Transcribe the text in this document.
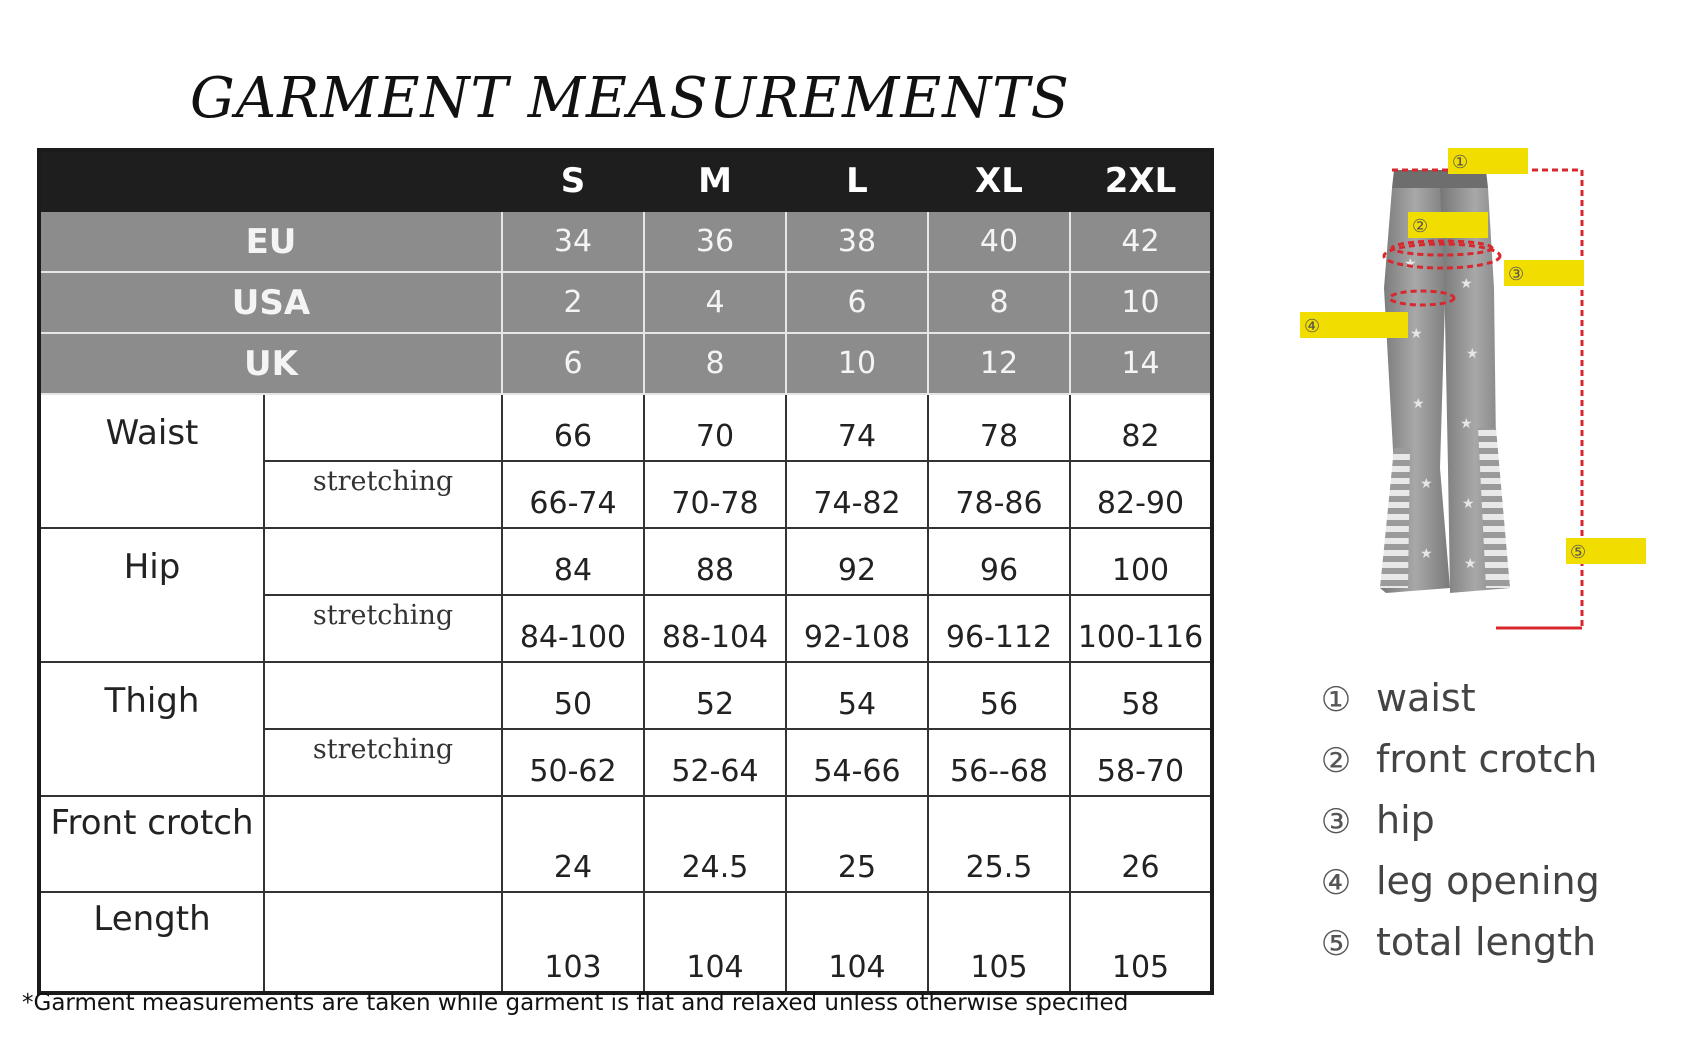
GARMENT MEASUREMENTS
		S	M	L	XL	2XL
EU		34	36	38	40	42
USA		2	4	6	8	10
UK		6	8	10	12	14
Waist		66	70	74	78	82
	stretching	66-74	70-78	74-82	78-86	82-90
Hip		84	88	92	96	100
	stretching	84-100	88-104	92-108	96-112	100-116
Thigh		50	52	54	56	58
	stretching	50-62	52-64	54-66	56--68	58-70
Front crotch		24	24.5	25	25.5	26
Length		103	104	104	105	105
★
★
★
★
★
★
★
★
★
★
①
②
③
④
⑤
① waist
② front crotch
③ hip
④ leg opening
⑤ total length
*Garment measurements are taken while garment is flat and relaxed unless otherwise specified
